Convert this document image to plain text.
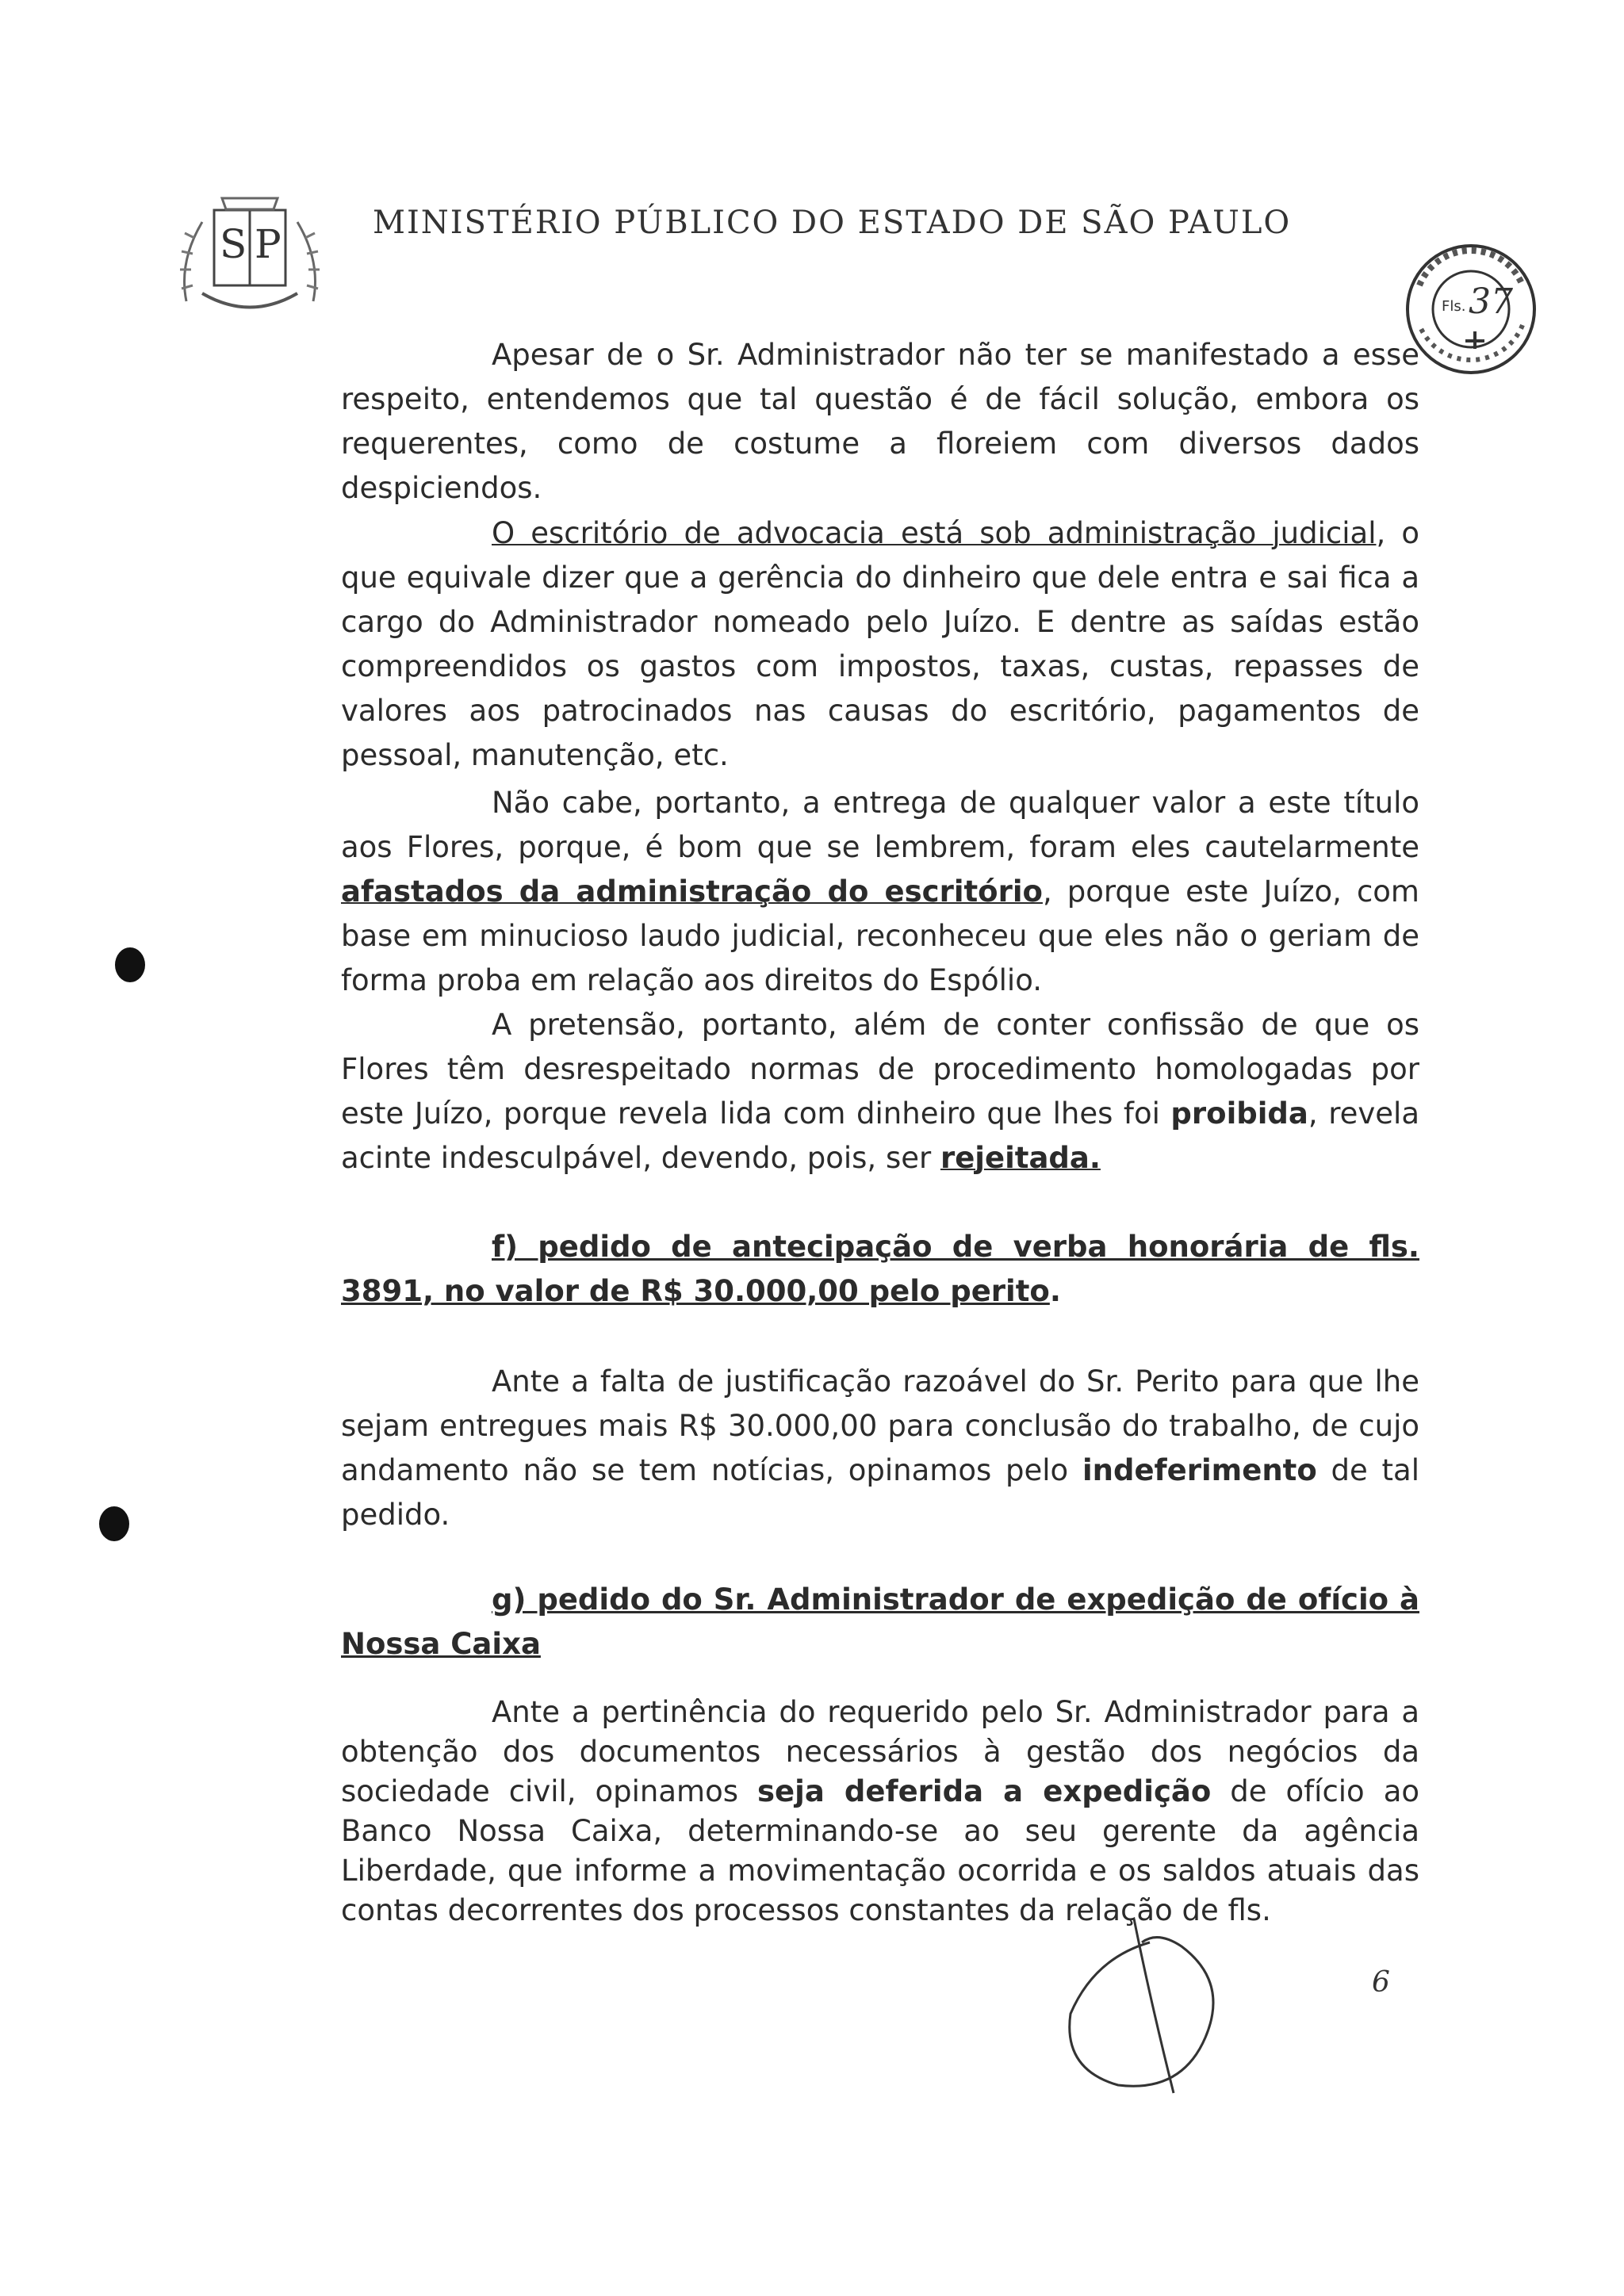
S P	MINISTÉRIO PÚBLICO DO ESTADO DE SÃO PAULO
Fls. 37

Apesar de o Sr. Administrador não ter se manifestado a esse respeito, entendemos que tal questão é de fácil solução, embora os requerentes, como de costume a floreiem com diversos dados despiciendos.

O escritório de advocacia está sob administração judicial, o que equivale dizer que a gerência do dinheiro que dele entra e sai fica a cargo do Administrador nomeado pelo Juízo. E dentre as saídas estão compreendidos os gastos com impostos, taxas, custas, repasses de valores aos patrocinados nas causas do escritório, pagamentos de pessoal, manutenção, etc.

Não cabe, portanto, a entrega de qualquer valor a este título aos Flores, porque, é bom que se lembrem, foram eles cautelarmente afastados da administração do escritório, porque este Juízo, com base em minucioso laudo judicial, reconheceu que eles não o geriam de forma proba em relação aos direitos do Espólio.

A pretensão, portanto, além de conter confissão de que os Flores têm desrespeitado normas de procedimento homologadas por este Juízo, porque revela lida com dinheiro que lhes foi proibida, revela acinte indesculpável, devendo, pois, ser rejeitada.

f) pedido de antecipação de verba honorária de fls. 3891, no valor de R$ 30.000,00 pelo perito.

Ante a falta de justificação razoável do Sr. Perito para que lhe sejam entregues mais R$ 30.000,00 para conclusão do trabalho, de cujo andamento não se tem notícias, opinamos pelo indeferimento de tal pedido.

g) pedido do Sr. Administrador de expedição de ofício à Nossa Caixa

Ante a pertinência do requerido pelo Sr. Administrador para a obtenção dos documentos necessários à gestão dos negócios da sociedade civil, opinamos seja deferida a expedição de ofício ao Banco Nossa Caixa, determinando-se ao seu gerente da agência Liberdade, que informe a movimentação ocorrida e os saldos atuais das contas decorrentes dos processos constantes da relação de fls.

6
